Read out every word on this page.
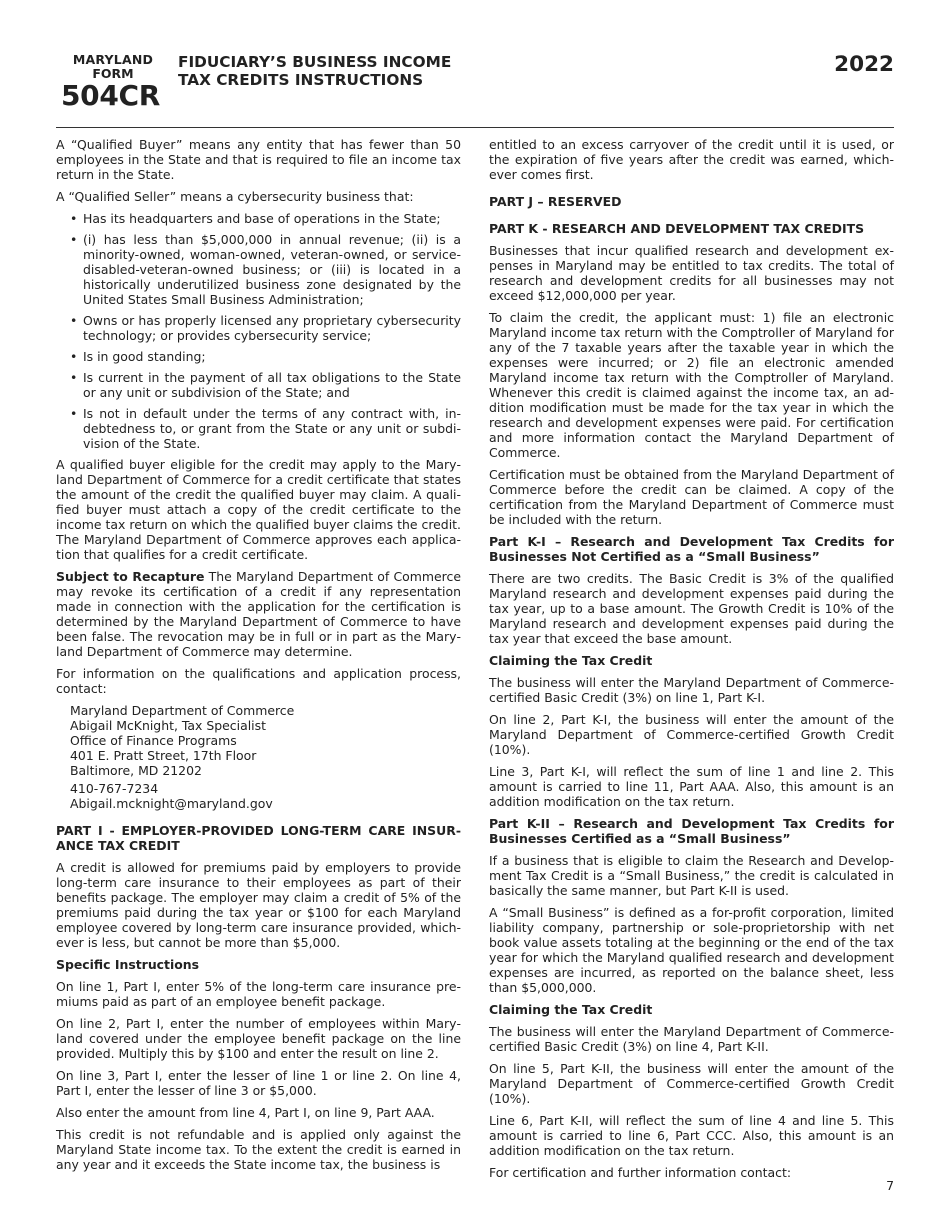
MARYLAND
FORM
504CR
FIDUCIARY’S BUSINESS INCOME
TAX CREDITS INSTRUCTIONS
2022

A “Qualified Buyer” means any entity that has fewer than 50 employees in the State and that is required to file an income tax return in the State.

A “Qualified Seller” means a cybersecurity business that:

• Has its headquarters and base of operations in the State;
• (i) has less than $5,000,000 in annual revenue; (ii) is a minority-owned, woman-owned, veteran-owned, or service- disabled-veteran-owned business; or (iii) is located in a historically underutilized business zone designated by the United States Small Business Administration;
• Owns or has properly licensed any proprietary cybersecurity technology; or provides cybersecurity service;
• Is in good standing;
• Is current in the payment of all tax obligations to the State or any unit or subdivision of the State; and
• Is not in default under the terms of any contract with, indebtedness to, or grant from the State or any unit or subdivision of the State.

A qualified buyer eligible for the credit may apply to the Maryland Department of Commerce for a credit certificate that states the amount of the credit the qualified buyer may claim. A qualified buyer must attach a copy of the credit certificate to the income tax return on which the qualified buyer claims the credit. The Maryland Department of Commerce approves each application that qualifies for a credit certificate.

Subject to Recapture The Maryland Department of Commerce may revoke its certification of a credit if any representation made in connection with the application for the certification is determined by the Maryland Department of Commerce to have been false. The revocation may be in full or in part as the Maryland Department of Commerce may determine.

For information on the qualifications and application process, contact:

Maryland Department of Commerce
Abigail McKnight, Tax Specialist
Office of Finance Programs
401 E. Pratt Street, 17th Floor
Baltimore, MD 21202
410-767-7234
Abigail.mcknight@maryland.gov
PART I - EMPLOYER-PROVIDED LONG-TERM CARE INSURANCE TAX CREDIT

A credit is allowed for premiums paid by employers to provide long-term care insurance to their employees as part of their benefits package. The employer may claim a credit of 5% of the premiums paid during the tax year or $100 for each Maryland employee covered by long-term care insurance provided, whichever is less, but cannot be more than $5,000.

Specific Instructions

On line 1, Part I, enter 5% of the long-term care insurance premiums paid as part of an employee benefit package.

On line 2, Part I, enter the number of employees within Maryland covered under the employee benefit package on the line provided. Multiply this by $100 and enter the result on line 2.

On line 3, Part I, enter the lesser of line 1 or line 2. On line 4, Part I, enter the lesser of line 3 or $5,000.

Also enter the amount from line 4, Part I, on line 9, Part AAA.

This credit is not refundable and is applied only against the Maryland State income tax. To the extent the credit is earned in any year and it exceeds the State income tax, the business is

entitled to an excess carryover of the credit until it is used, or the expiration of five years after the credit was earned, whichever comes first.

PART J – RESERVED
PART K - RESEARCH AND DEVELOPMENT TAX CREDITS

Businesses that incur qualified research and development expenses in Maryland may be entitled to tax credits. The total of research and development credits for all businesses may not exceed $12,000,000 per year.

To claim the credit, the applicant must: 1) file an electronic Maryland income tax return with the Comptroller of Maryland for any of the 7 taxable years after the taxable year in which the expenses were incurred; or 2) file an electronic amended Maryland income tax return with the Comptroller of Maryland. Whenever this credit is claimed against the income tax, an addition modification must be made for the tax year in which the research and development expenses were paid. For certification and more information contact the Maryland Department of Commerce.

Certification must be obtained from the Maryland Department of Commerce before the credit can be claimed. A copy of the certification from the Maryland Department of Commerce must be included with the return.

Part K-I – Research and Development Tax Credits for Businesses Not Certified as a “Small Business”

There are two credits. The Basic Credit is 3% of the qualified Maryland research and development expenses paid during the tax year, up to a base amount. The Growth Credit is 10% of the Maryland research and development expenses paid during the tax year that exceed the base amount.

Claiming the Tax Credit

The business will enter the Maryland Department of Commerce-certified Basic Credit (3%) on line 1, Part K-I.

On line 2, Part K-I, the business will enter the amount of the Maryland Department of Commerce-certified Growth Credit (10%).

Line 3, Part K-I, will reflect the sum of line 1 and line 2. This amount is carried to line 11, Part AAA. Also, this amount is an addition modification on the tax return.

Part K-II – Research and Development Tax Credits for Businesses Certified as a “Small Business”

If a business that is eligible to claim the Research and Development Tax Credit is a “Small Business,” the credit is calculated in basically the same manner, but Part K-II is used.

A “Small Business” is defined as a for-profit corporation, limited liability company, partnership or sole-proprietorship with net book value assets totaling at the beginning or the end of the tax year for which the Maryland qualified research and development expenses are incurred, as reported on the balance sheet, less than $5,000,000.

Claiming the Tax Credit

The business will enter the Maryland Department of Commerce-certified Basic Credit (3%) on line 4, Part K-II.

On line 5, Part K-II, the business will enter the amount of the Maryland Department of Commerce-certified Growth Credit (10%).

Line 6, Part K-II, will reflect the sum of line 4 and line 5. This amount is carried to line 6, Part CCC. Also, this amount is an addition modification on the tax return.

For certification and further information contact:

7
